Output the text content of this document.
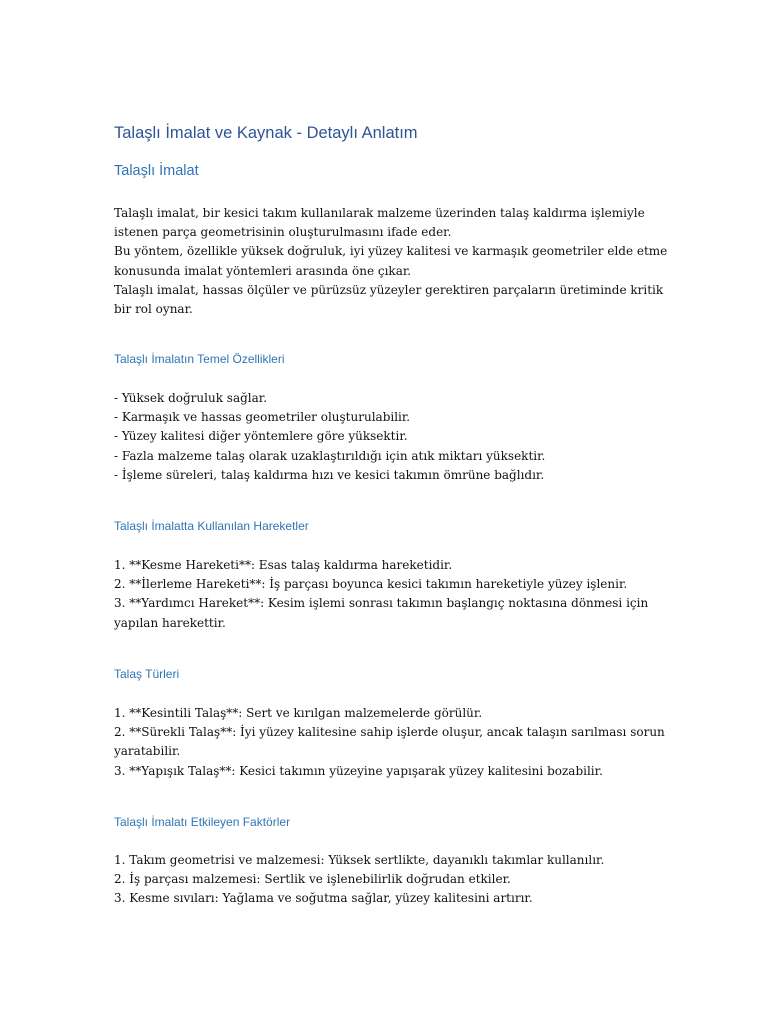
Talaşlı İmalat ve Kaynak - Detaylı Anlatım
Talaşlı İmalat
Talaşlı imalat, bir kesici takım kullanılarak malzeme üzerinden talaş kaldırma işlemiyle
istenen parça geometrisinin oluşturulmasını ifade eder.
Bu yöntem, özellikle yüksek doğruluk, iyi yüzey kalitesi ve karmaşık geometriler elde etme
konusunda imalat yöntemleri arasında öne çıkar.
Talaşlı imalat, hassas ölçüler ve pürüzsüz yüzeyler gerektiren parçaların üretiminde kritik
bir rol oynar.
Talaşlı İmalatın Temel Özellikleri
- Yüksek doğruluk sağlar.
- Karmaşık ve hassas geometriler oluşturulabilir.
- Yüzey kalitesi diğer yöntemlere göre yüksektir.
- Fazla malzeme talaş olarak uzaklaştırıldığı için atık miktarı yüksektir.
- İşleme süreleri, talaş kaldırma hızı ve kesici takımın ömrüne bağlıdır.
Talaşlı İmalatta Kullanılan Hareketler
1. **Kesme Hareketi**: Esas talaş kaldırma hareketidir.
2. **İlerleme Hareketi**: İş parçası boyunca kesici takımın hareketiyle yüzey işlenir.
3. **Yardımcı Hareket**: Kesim işlemi sonrası takımın başlangıç noktasına dönmesi için
yapılan harekettir.
Talaş Türleri
1. **Kesintili Talaş**: Sert ve kırılgan malzemelerde görülür.
2. **Sürekli Talaş**: İyi yüzey kalitesine sahip işlerde oluşur, ancak talaşın sarılması sorun
yaratabilir.
3. **Yapışık Talaş**: Kesici takımın yüzeyine yapışarak yüzey kalitesini bozabilir.
Talaşlı İmalatı Etkileyen Faktörler
1. Takım geometrisi ve malzemesi: Yüksek sertlikte, dayanıklı takımlar kullanılır.
2. İş parçası malzemesi: Sertlik ve işlenebilirlik doğrudan etkiler.
3. Kesme sıvıları: Yağlama ve soğutma sağlar, yüzey kalitesini artırır.
